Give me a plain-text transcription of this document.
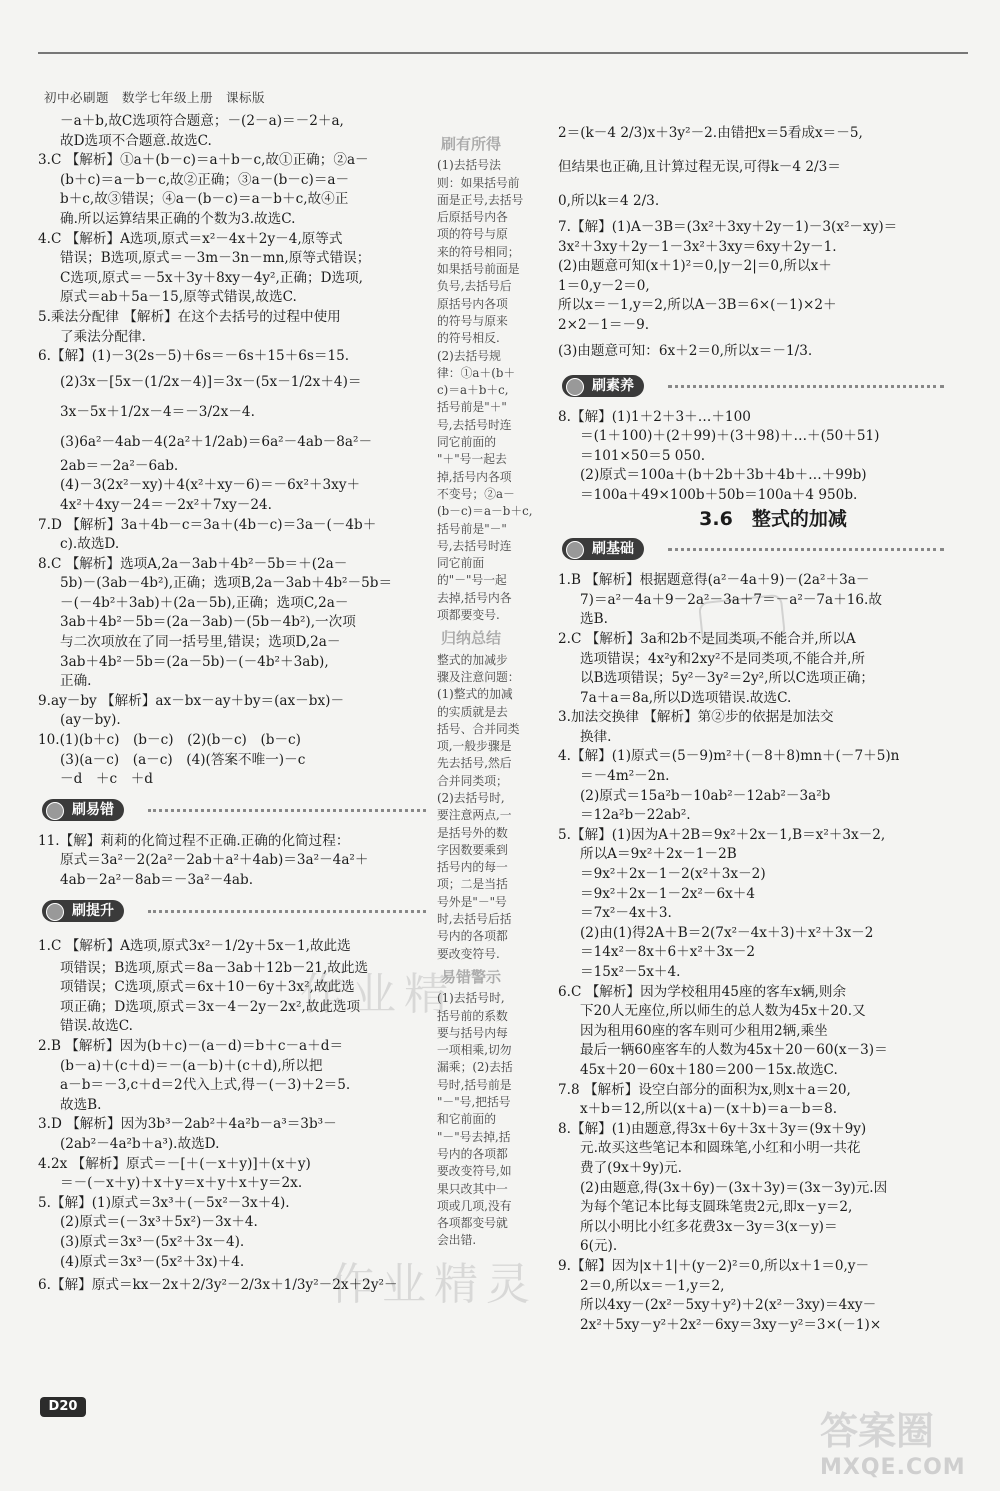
初中必刷题　数学七年级上册　课标版
作业精
作业精灵
－a＋b,故C选项符合题意；－(2－a)＝－2＋a,
故D选项不合题意.故选C.
3.C 【解析】①a＋(b－c)＝a＋b－c,故①正确；②a－
(b＋c)＝a－b－c,故②正确；③a－(b－c)＝a－
b＋c,故③错误；④a－(b－c)＝a－b＋c,故④正
确.所以运算结果正确的个数为3.故选C.
4.C 【解析】A选项,原式＝x²－4x＋2y－4,原等式
错误；B选项,原式＝－3m－3n－mn,原等式错误；
C选项,原式＝－5x＋3y＋8xy－4y²,正确；D选项,
原式＝ab＋5a－15,原等式错误,故选C.
5.乘法分配律 【解析】在这个去括号的过程中使用
了乘法分配律.
6.【解】(1)－3(2s－5)＋6s＝－6s＋15＋6s＝15.
(2)3x－[5x－(1/2x－4)]＝3x－(5x－1/2x＋4)＝
3x－5x＋1/2x－4＝－3/2x－4.
(3)6a²－4ab－4(2a²＋1/2ab)＝6a²－4ab－8a²－
2ab＝－2a²－6ab.
(4)－3(2x²－xy)＋4(x²＋xy－6)＝－6x²＋3xy＋
4x²＋4xy－24＝－2x²＋7xy－24.
7.D 【解析】3a＋4b－c＝3a＋(4b－c)＝3a－(－4b＋
c).故选D.
8.C 【解析】选项A,2a－3ab＋4b²－5b＝＋(2a－
5b)－(3ab－4b²),正确；选项B,2a－3ab＋4b²－5b＝
－(－4b²＋3ab)＋(2a－5b),正确；选项C,2a－
3ab＋4b²－5b＝(2a－3ab)－(5b－4b²),一次项
与二次项放在了同一括号里,错误；选项D,2a－
3ab＋4b²－5b＝(2a－5b)－(－4b²＋3ab),
正确.
9.ay－by 【解析】ax－bx－ay＋by＝(ax－bx)－
(ay－by).
10.(1)(b＋c)　(b－c)　(2)(b－c)　(b－c)
(3)(a－c)　(a－c)　(4)(答案不唯一)－c
－d　＋c　＋d
刷易错
11.【解】莉莉的化简过程不正确.正确的化简过程：
原式＝3a²－2(2a²－2ab＋a²＋4ab)＝3a²－4a²＋
4ab－2a²－8ab＝－3a²－4ab.
刷提升
1.C 【解析】A选项,原式3x²－1/2y＋5x－1,故此选
项错误；B选项,原式＝8a－3ab＋12b－21,故此选
项错误；C选项,原式＝6x＋10－6y＋3x²,故此选
项正确；D选项,原式＝3x－4－2y－2x²,故此选项
错误.故选C.
2.B 【解析】因为(b＋c)－(a－d)＝b＋c－a＋d＝
(b－a)＋(c＋d)＝－(a－b)＋(c＋d),所以把
a－b＝－3,c＋d＝2代入上式,得－(－3)＋2＝5.
故选B.
3.D 【解析】因为3b³－2ab²＋4a²b－a³＝3b³－
(2ab²－4a²b＋a³).故选D.
4.2x 【解析】原式＝－[＋(－x＋y)]＋(x＋y)
＝－(－x＋y)＋x＋y＝x＋y＋x＋y＝2x.
5.【解】(1)原式＝3x³＋(－5x²－3x＋4).
(2)原式＝(－3x³＋5x²)－3x＋4.
(3)原式＝3x³－(5x²＋3x－4).
(4)原式＝3x³－(5x²＋3x)＋4.
6.【解】原式＝kx－2x＋2/3y²－2/3x＋1/3y²－2x＋2y²－
刷有所得
(1)去括号法
则：如果括号前
面是正号,去括号
后原括号内各
项的符号与原
来的符号相同；
如果括号前面是
负号,去括号后
原括号内各项
的符号与原来
的符号相反.
(2)去括号规
律：①a＋(b＋
c)＝a＋b＋c,
括号前是"＋"
号,去括号时连
同它前面的
"＋"号一起去
掉,括号内各项
不变号；②a－
(b－c)＝a－b＋c,
括号前是"－"
号,去括号时连
同它前面
的"－"号一起
去掉,括号内各
项都要变号.
归纳总结
整式的加减步
骤及注意问题：
(1)整式的加减
的实质就是去
括号、合并同类
项,一般步骤是
先去括号,然后
合并同类项；
(2)去括号时,
要注意两点,一
是括号外的数
字因数要乘到
括号内的每一
项；二是当括
号外是"－"号
时,去括号后括
号内的各项都
要改变符号.
易错警示
(1)去括号时,
括号前的系数
要与括号内每
一项相乘,切勿
漏乘；(2)去括
号时,括号前是
"－"号,把括号
和它前面的
"－"号去掉,括
号内的各项都
要改变符号,如
果只改其中一
项或几项,没有
各项都变号就
会出错.
2＝(k－4 2/3)x＋3y²－2.由错把x＝5看成x＝－5,
但结果也正确,且计算过程无误,可得k－4 2/3＝
0,所以k＝4 2/3.
7.【解】(1)A－3B＝(3x²＋3xy＋2y－1)－3(x²－xy)＝
3x²＋3xy＋2y－1－3x²＋3xy＝6xy＋2y－1.
(2)由题意可知(x＋1)²＝0,|y－2|＝0,所以x＋
1＝0,y－2＝0,
所以x＝－1,y＝2,所以A－3B＝6×(－1)×2＋
2×2－1＝－9.
(3)由题意可知：6x＋2＝0,所以x＝－1/3.
刷素养
8.【解】(1)1＋2＋3＋…＋100
＝(1＋100)＋(2＋99)＋(3＋98)＋…＋(50＋51)
＝101×50＝5 050.
(2)原式＝100a＋(b＋2b＋3b＋4b＋…＋99b)
＝100a＋49×100b＋50b＝100a＋4 950b.
3.6　整式的加减
刷基础
1.B 【解析】根据题意得(a²－4a＋9)－(2a²＋3a－
7)＝a²－4a＋9－2a²－3a＋7＝－a²－7a＋16.故
选B.
2.C 【解析】3a和2b不是同类项,不能合并,所以A
选项错误；4x²y和2xy²不是同类项,不能合并,所
以B选项错误；5y²－3y²＝2y²,所以C选项正确；
7a＋a＝8a,所以D选项错误.故选C.
3.加法交换律 【解析】第②步的依据是加法交
换律.
4.【解】(1)原式＝(5－9)m²＋(－8＋8)mn＋(－7＋5)n
＝－4m²－2n.
(2)原式＝15a²b－10ab²－12ab²－3a²b
＝12a²b－22ab².
5.【解】(1)因为A＋2B＝9x²＋2x－1,B＝x²＋3x－2,
所以A＝9x²＋2x－1－2B
＝9x²＋2x－1－2(x²＋3x－2)
＝9x²＋2x－1－2x²－6x＋4
＝7x²－4x＋3.
(2)由(1)得2A＋B＝2(7x²－4x＋3)＋x²＋3x－2
＝14x²－8x＋6＋x²＋3x－2
＝15x²－5x＋4.
6.C 【解析】因为学校租用45座的客车x辆,则余
下20人无座位,所以师生的总人数为45x＋20.又
因为租用60座的客车则可少租用2辆,乘坐
最后一辆60座客车的人数为45x＋20－60(x－3)＝
45x＋20－60x＋180＝200－15x.故选C.
7.8 【解析】设空白部分的面积为x,则x＋a＝20,
x＋b＝12,所以(x＋a)－(x＋b)＝a－b＝8.
8.【解】(1)由题意,得3x＋6y＋3x＋3y＝(9x＋9y)
元.故买这些笔记本和圆珠笔,小红和小明一共花
费了(9x＋9y)元.
(2)由题意,得(3x＋6y)－(3x＋3y)＝(3x－3y)元.因
为每个笔记本比每支圆珠笔贵2元,即x－y＝2,
所以小明比小红多花费3x－3y＝3(x－y)＝
6(元).
9.【解】因为|x＋1|＋(y－2)²＝0,所以x＋1＝0,y－
2＝0,所以x＝－1,y＝2,
所以4xy－(2x²－5xy＋y²)＋2(x²－3xy)＝4xy－
2x²＋5xy－y²＋2x²－6xy＝3xy－y²＝3×(－1)×
D20
答案圈
MXQE.COM
